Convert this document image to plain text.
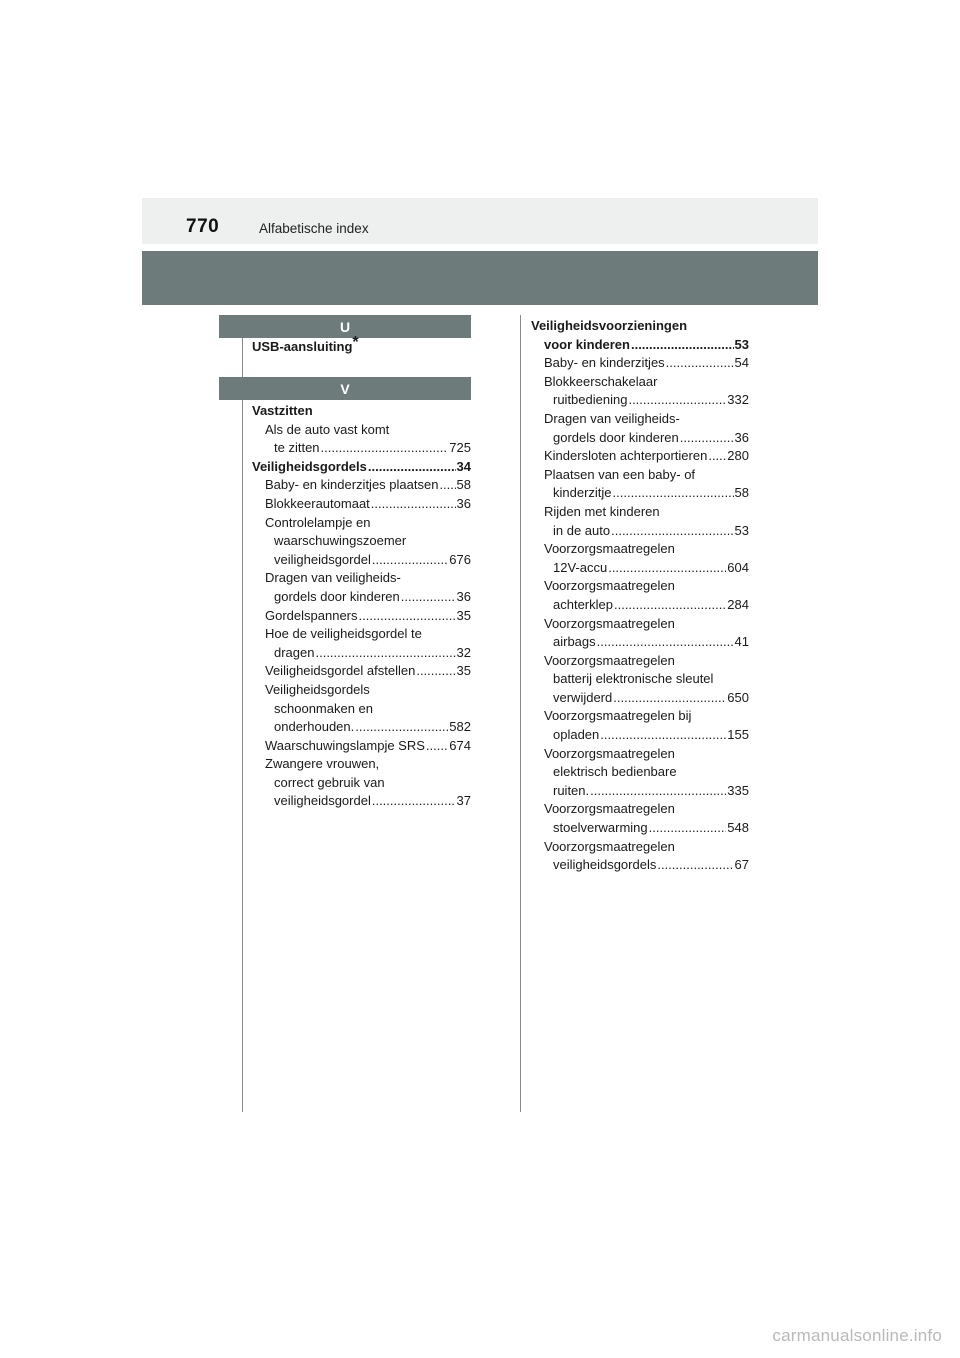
770	Alfabetische index
U
V
USB-aansluiting*
Vastzitten
Als de auto vast komt
te zitten .....	725
Veiligheidsgordels .....	34
Baby- en kinderzitjes plaatsen ..... 58
Blokkeerautomaat .....	36
Controlelampje en
waarschuwingszoemer
veiligheidsgordel .....	676
Dragen van veiligheids-
gordels door kinderen .....	36
Gordelspanners .....	35
Hoe de veiligheidsgordel te
dragen .....	32
Veiligheidsgordel afstellen .....	35
Veiligheidsgordels
schoonmaken en
onderhouden. .....	582
Waarschuwingslampje SRS ..... 674
Zwangere vrouwen,
correct gebruik van
veiligheidsgordel .....	37
Veiligheidsvoorzieningen
voor kinderen .....	53
Baby- en kinderzitjes .....	54
Blokkeerschakelaar
ruitbediening .....	332
Dragen van veiligheids-
gordels door kinderen .....	36
Kindersloten achterportieren ..... 280
Plaatsen van een baby- of
kinderzitje .....	58
Rijden met kinderen
in de auto .....	53
Voorzorgsmaatregelen
12V-accu .....	604
Voorzorgsmaatregelen
achterklep .....	284
Voorzorgsmaatregelen
airbags .....	41
Voorzorgsmaatregelen
batterij elektronische sleutel
verwijderd .....	650
Voorzorgsmaatregelen bij
opladen .....	155
Voorzorgsmaatregelen
elektrisch bedienbare
ruiten. .....	335
Voorzorgsmaatregelen
stoelverwarming .....	548
Voorzorgsmaatregelen
veiligheidsgordels .....	67
carmanualsonline.info
